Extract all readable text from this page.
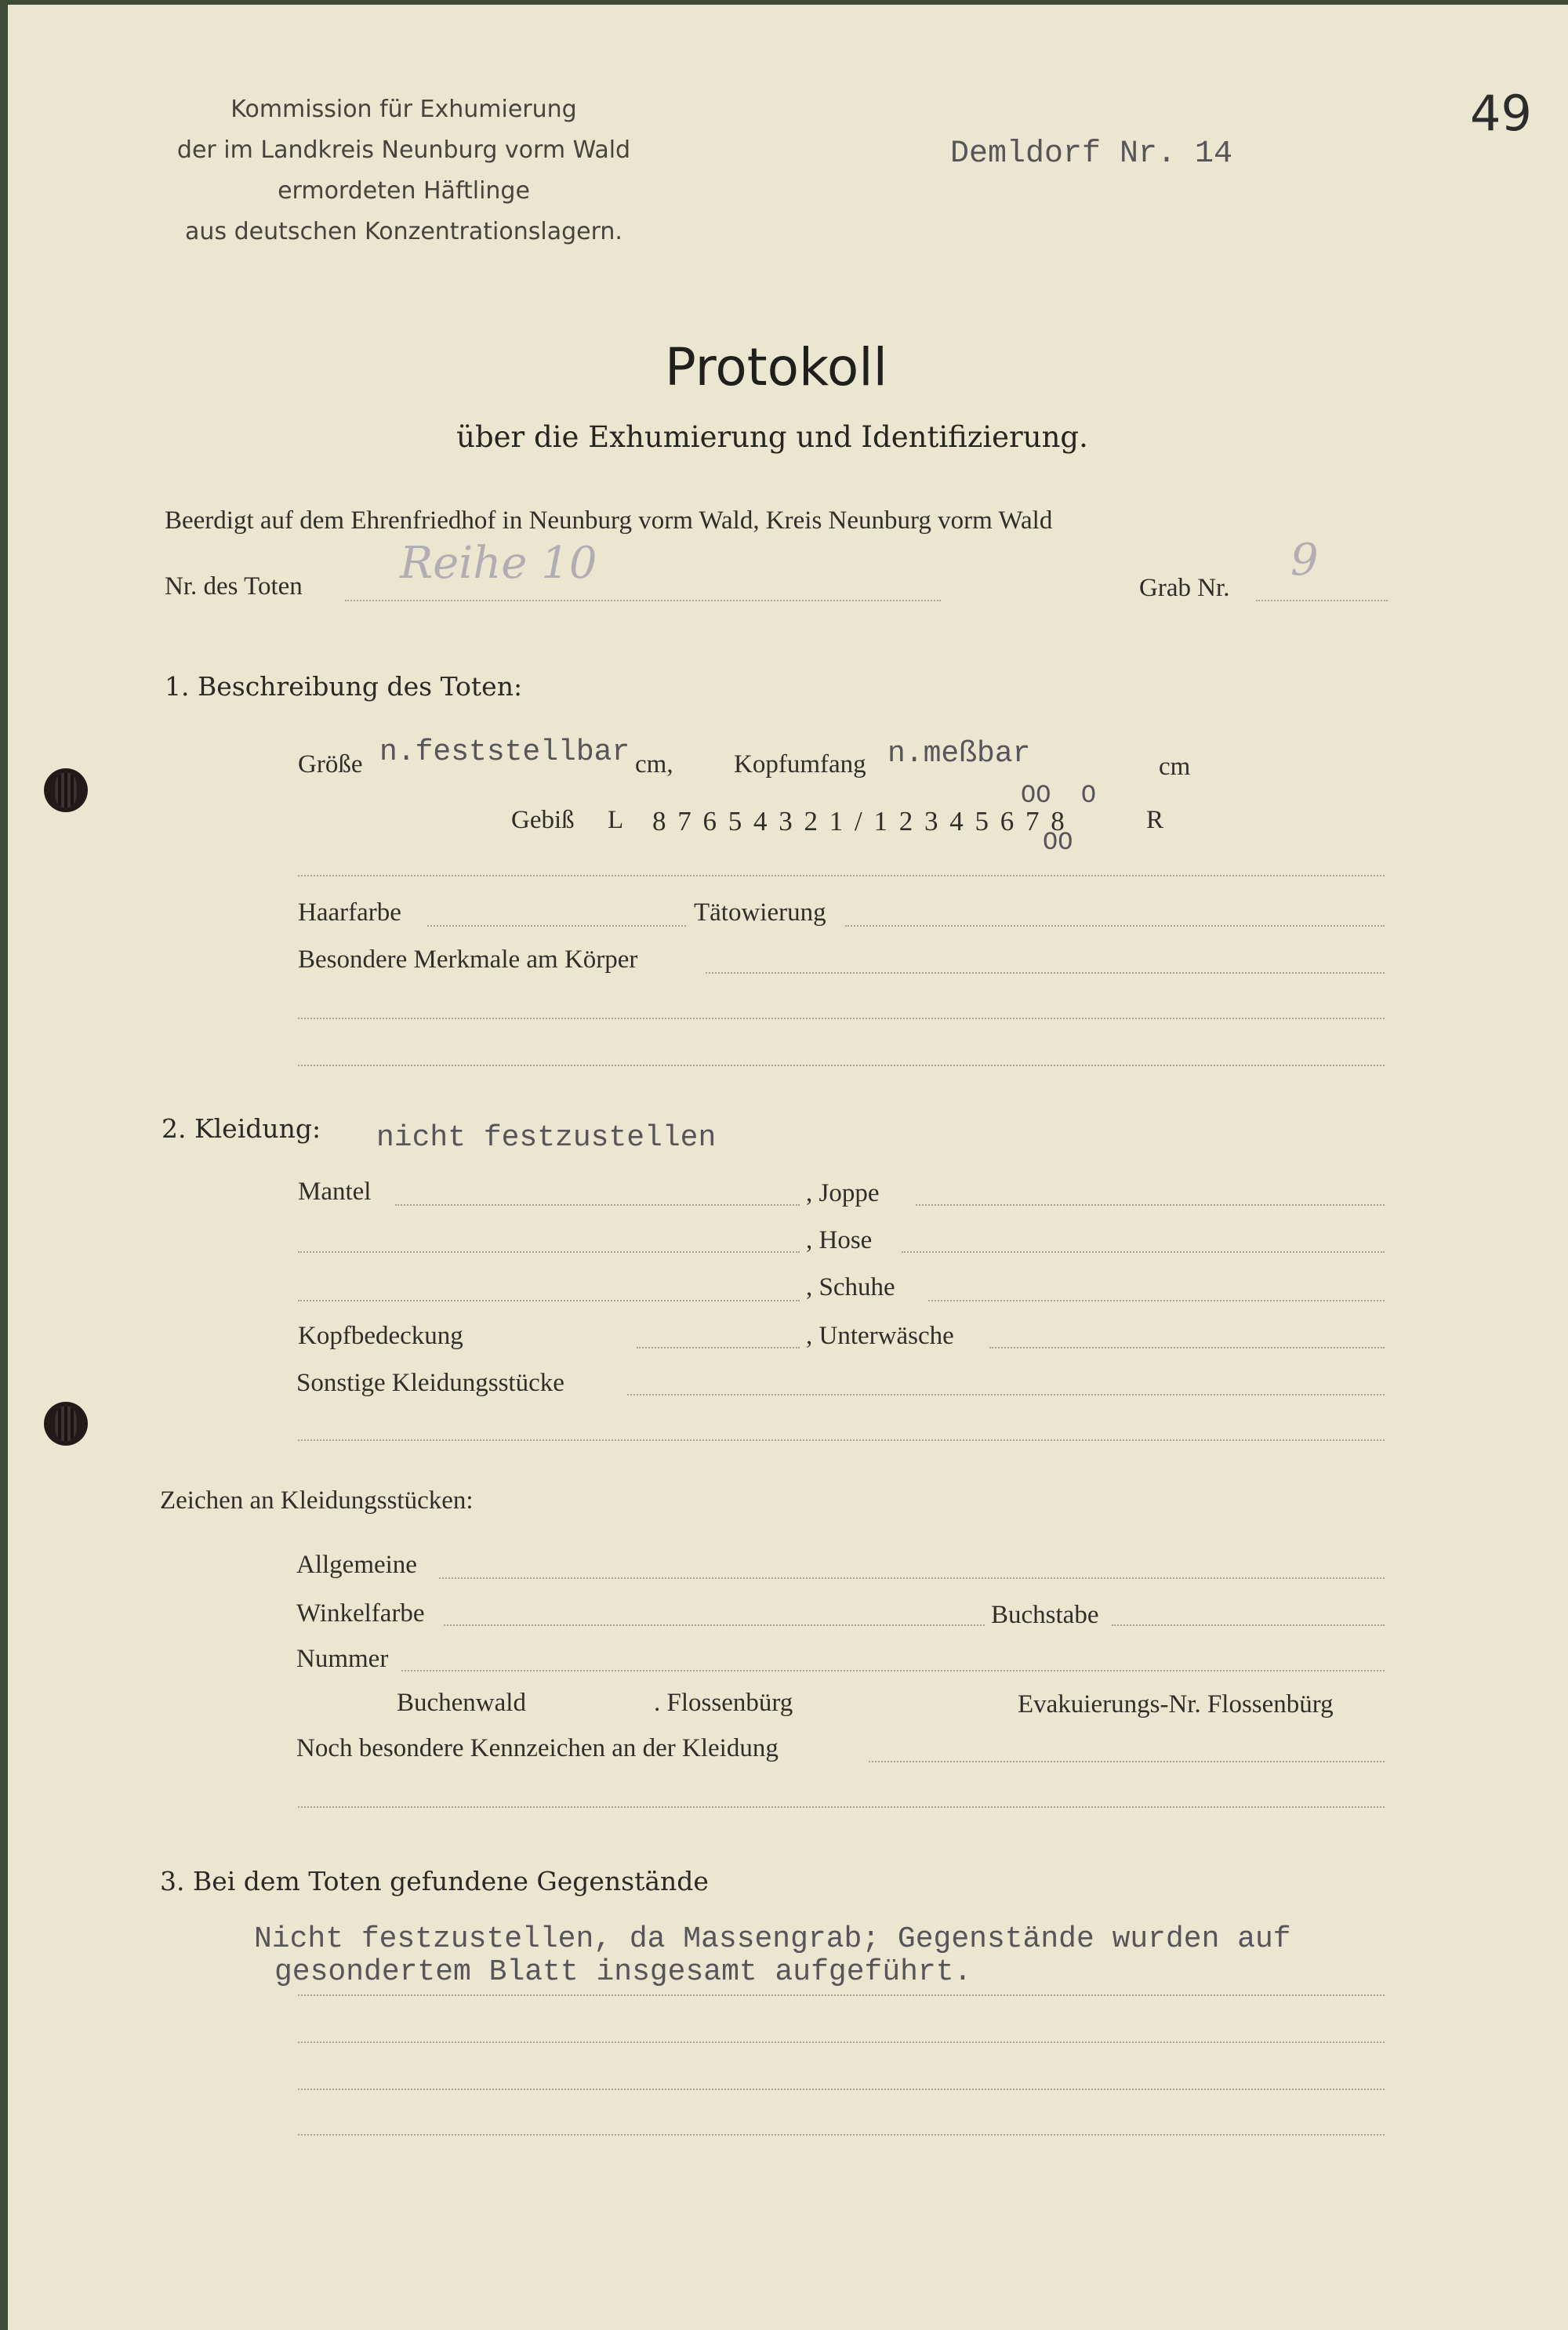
Kommission für Exhumierung
der im Landkreis Neunburg vorm Wald
ermordeten Häftlinge
aus deutschen Konzentrationslagern.
Demldorf Nr. 14
49
Protokoll
über die Exhumierung und Identifizierung.
Beerdigt auf dem Ehrenfriedhof in Neunburg vorm Wald, Kreis Neunburg vorm Wald
Nr. des Toten Reihe 10	Grab Nr.
9
1. Beschreibung des Toten:
Größe n.feststellbar cm, Kopfumfang n.meßbar	cm
OO  O
Gebiß L 8 7 6 5 4 3 2 1 / 1 2 3 4 5 6 7 8	R
OO
Haarfarbe	Tätowierung
Besondere Merkmale am Körper
2. Kleidung: nicht festzustellen
Mantel	, Joppe
, Hose
, Schuhe
Kopfbedeckung	, Unterwäsche
Sonstige Kleidungsstücke
Zeichen an Kleidungsstücken:
Allgemeine
Winkelfarbe	Buchstabe
Nummer
Buchenwald	. Flossenbürg	Evakuierungs-Nr. Flossenbürg
Noch besondere Kennzeichen an der Kleidung
3. Bei dem Toten gefundene Gegenstände
Nicht festzustellen, da Massengrab; Gegenstände wurden auf
gesondertem Blatt insgesamt aufgeführt.
